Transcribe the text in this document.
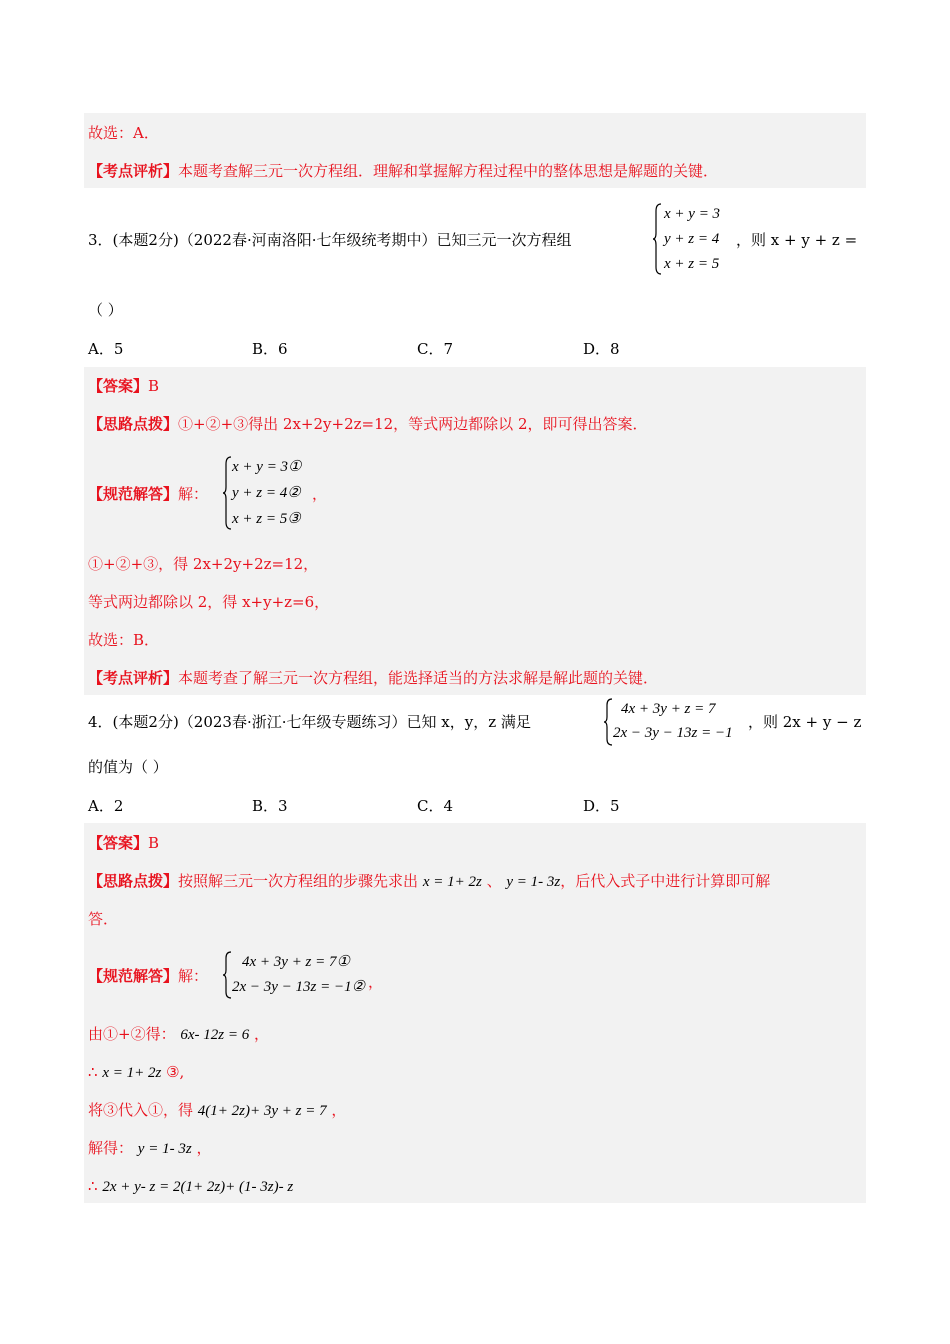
故选：A．
【考点评析】本题考查解三元一次方程组．理解和掌握解方程过程中的整体思想是解题的关键．
3．(本题2分)（2022春·河南洛阳·七年级统考期中）已知三元一次方程组
x + y = 3
y + z = 4
x + z = 5
，则 x + y + z =
（ ）
A．5	B．6	C．7	D．8
【答案】B
【思路点拨】①+②+③得出 2x+2y+2z=12，等式两边都除以 2，即可得出答案．
【规范解答】解：
x + y = 3①
y + z = 4②
x + z = 5③
，
①+②+③，得 2x+2y+2z=12，
等式两边都除以 2，得 x+y+z=6，
故选：B．
【考点评析】本题考查了解三元一次方程组，能选择适当的方法求解是解此题的关键．
4．(本题2分)（2023春·浙江·七年级专题练习）已知 x，y，z 满足
4x + 3y + z = 7
2x − 3y − 13z = −1
，则 2x + y − z
的值为（ ）
A．2	B．3	C．4	D．5
【答案】B
【思路点拨】按照解三元一次方程组的步骤先求出 x = 1+ 2z 、 y = 1- 3z，后代入式子中进行计算即可解
答．
【规范解答】解：
4x + 3y + z = 7①
2x − 3y − 13z = −1② ，
由①+②得： 6x- 12z = 6 ，
∴ x = 1+ 2z ③,
将③代入①，得 4(1+ 2z)+ 3y + z = 7 ，
解得： y = 1- 3z ，
∴ 2x + y- z = 2(1+ 2z)+ (1- 3z)- z
